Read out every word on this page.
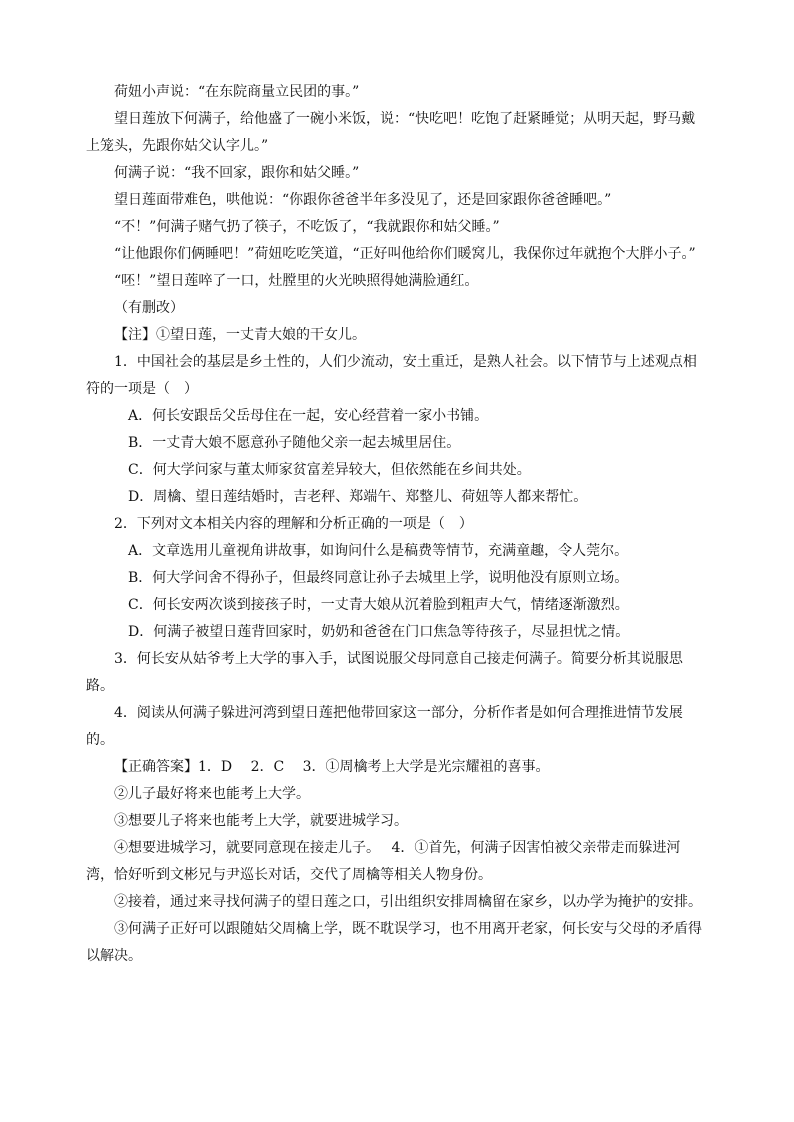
荷妞小声说：“在东院商量立民团的事。”

望日莲放下何满子，给他盛了一碗小米饭，说：“快吃吧！吃饱了赶紧睡觉；从明天起，野马戴上笼头，先跟你姑父认字儿。”

何满子说：“我不回家，跟你和姑父睡。”

望日莲面带难色，哄他说：“你跟你爸爸半年多没见了，还是回家跟你爸爸睡吧。”

“不！”何满子赌气扔了筷子，不吃饭了，“我就跟你和姑父睡。”

“让他跟你们俩睡吧！”荷妞吃吃笑道，“正好叫他给你们暖窝儿，我保你过年就抱个大胖小子。”

“呸！”望日莲啐了一口，灶膛里的火光映照得她满脸通红。

（有删改）

【注】①望日莲，一丈青大娘的干女儿。

1．中国社会的基层是乡土性的，人们少流动，安土重迁，是熟人社会。以下情节与上述观点相符的一项是（　）

A．何长安跟岳父岳母住在一起，安心经营着一家小书铺。

B．一丈青大娘不愿意孙子随他父亲一起去城里居住。

C．何大学问家与董太师家贫富差异较大，但依然能在乡间共处。

D．周檎、望日莲结婚时，吉老秤、郑端午、郑整儿、荷妞等人都来帮忙。

2．下列对文本相关内容的理解和分析正确的一项是（　）

A．文章选用儿童视角讲故事，如询问什么是稿费等情节，充满童趣，令人莞尔。

B．何大学问舍不得孙子，但最终同意让孙子去城里上学，说明他没有原则立场。

C．何长安两次谈到接孩子时，一丈青大娘从沉着脸到粗声大气，情绪逐渐激烈。

D．何满子被望日莲背回家时，奶奶和爸爸在门口焦急等待孩子，尽显担忧之情。

3．何长安从姑爷考上大学的事入手，试图说服父母同意自己接走何满子。简要分析其说服思路。

4．阅读从何满子躲进河湾到望日莲把他带回家这一部分，分析作者是如何合理推进情节发展的。

【正确答案】1．D　 2．C　 3．①周檎考上大学是光宗耀祖的喜事。

②儿子最好将来也能考上大学。

③想要儿子将来也能考上大学，就要进城学习。

④想要进城学习，就要同意现在接走儿子。　 4．①首先，何满子因害怕被父亲带走而躲进河湾，恰好听到文彬兄与尹巡长对话，交代了周檎等相关人物身份。

②接着，通过来寻找何满子的望日莲之口，引出组织安排周檎留在家乡，以办学为掩护的安排。

③何满子正好可以跟随姑父周檎上学，既不耽误学习，也不用离开老家，何长安与父母的矛盾得以解决。
